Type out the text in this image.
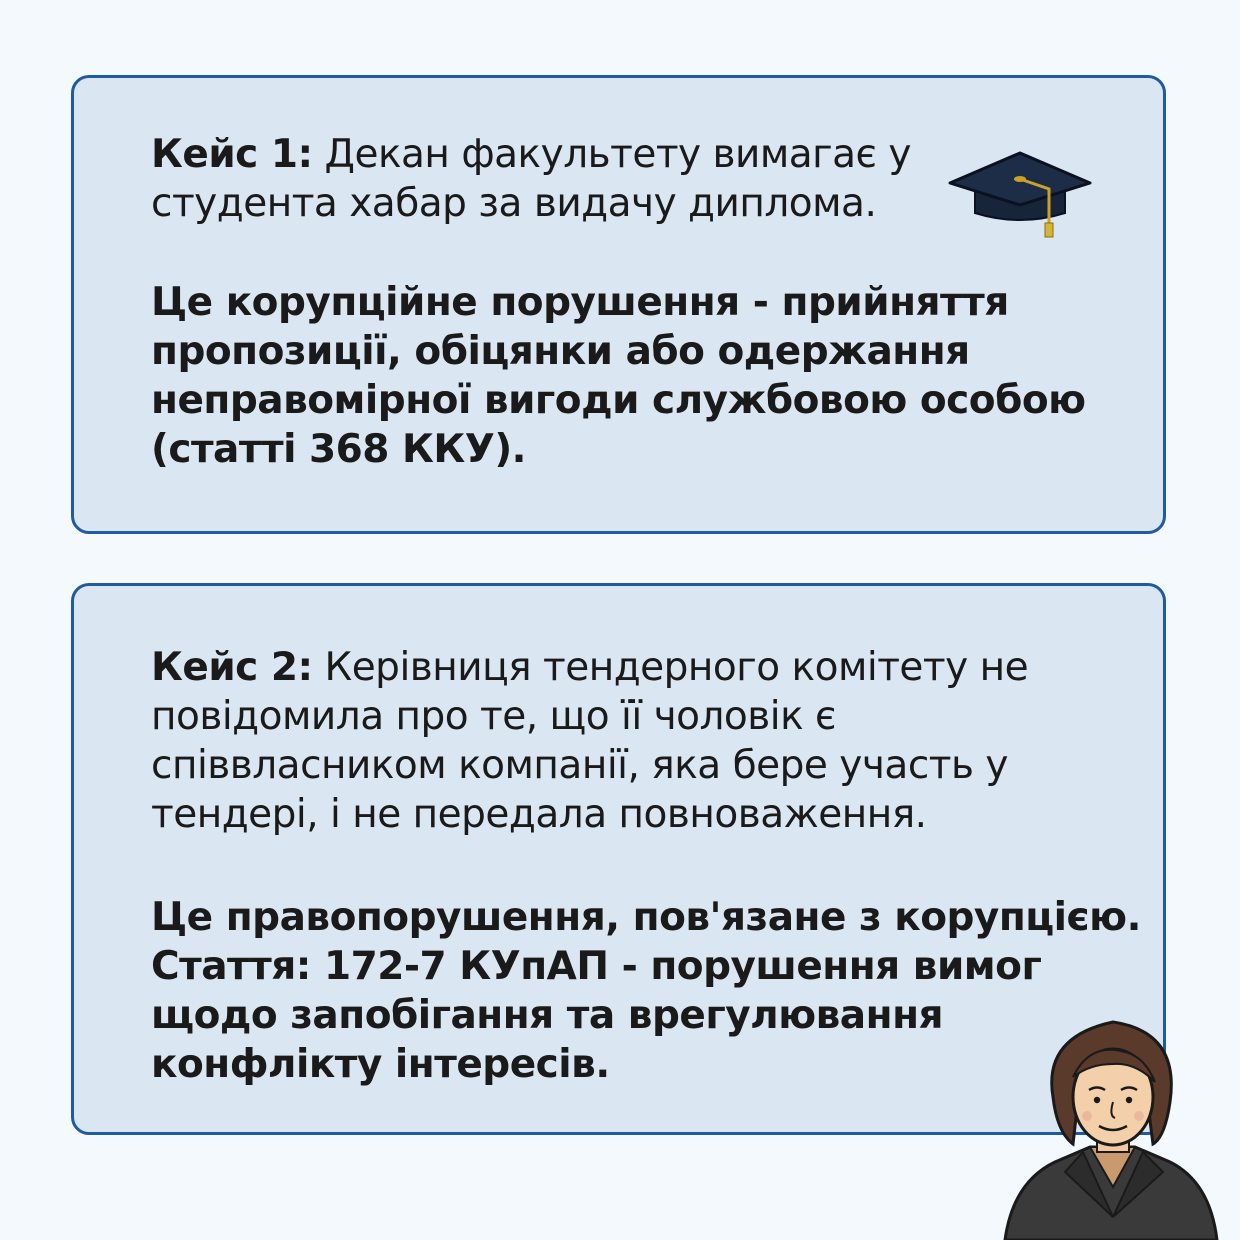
Кейс 1: Декан факультету вимагає у студента хабар за видачу диплома.

Це корупційне порушення - прийняття пропозиції, обіцянки або одержання неправомірної вигоди службовою особою (статті 368 ККУ).

Кейс 2: Керівниця тендерного комітету не повідомила про те, що її чоловік є співвласником компанії, яка бере участь у тендері, і не передала повноваження.

Це правопорушення, пов'язане з корупцією. Стаття: 172-7 КУпАП - порушення вимог щодо запобігання та врегулювання конфлікту інтересів.
